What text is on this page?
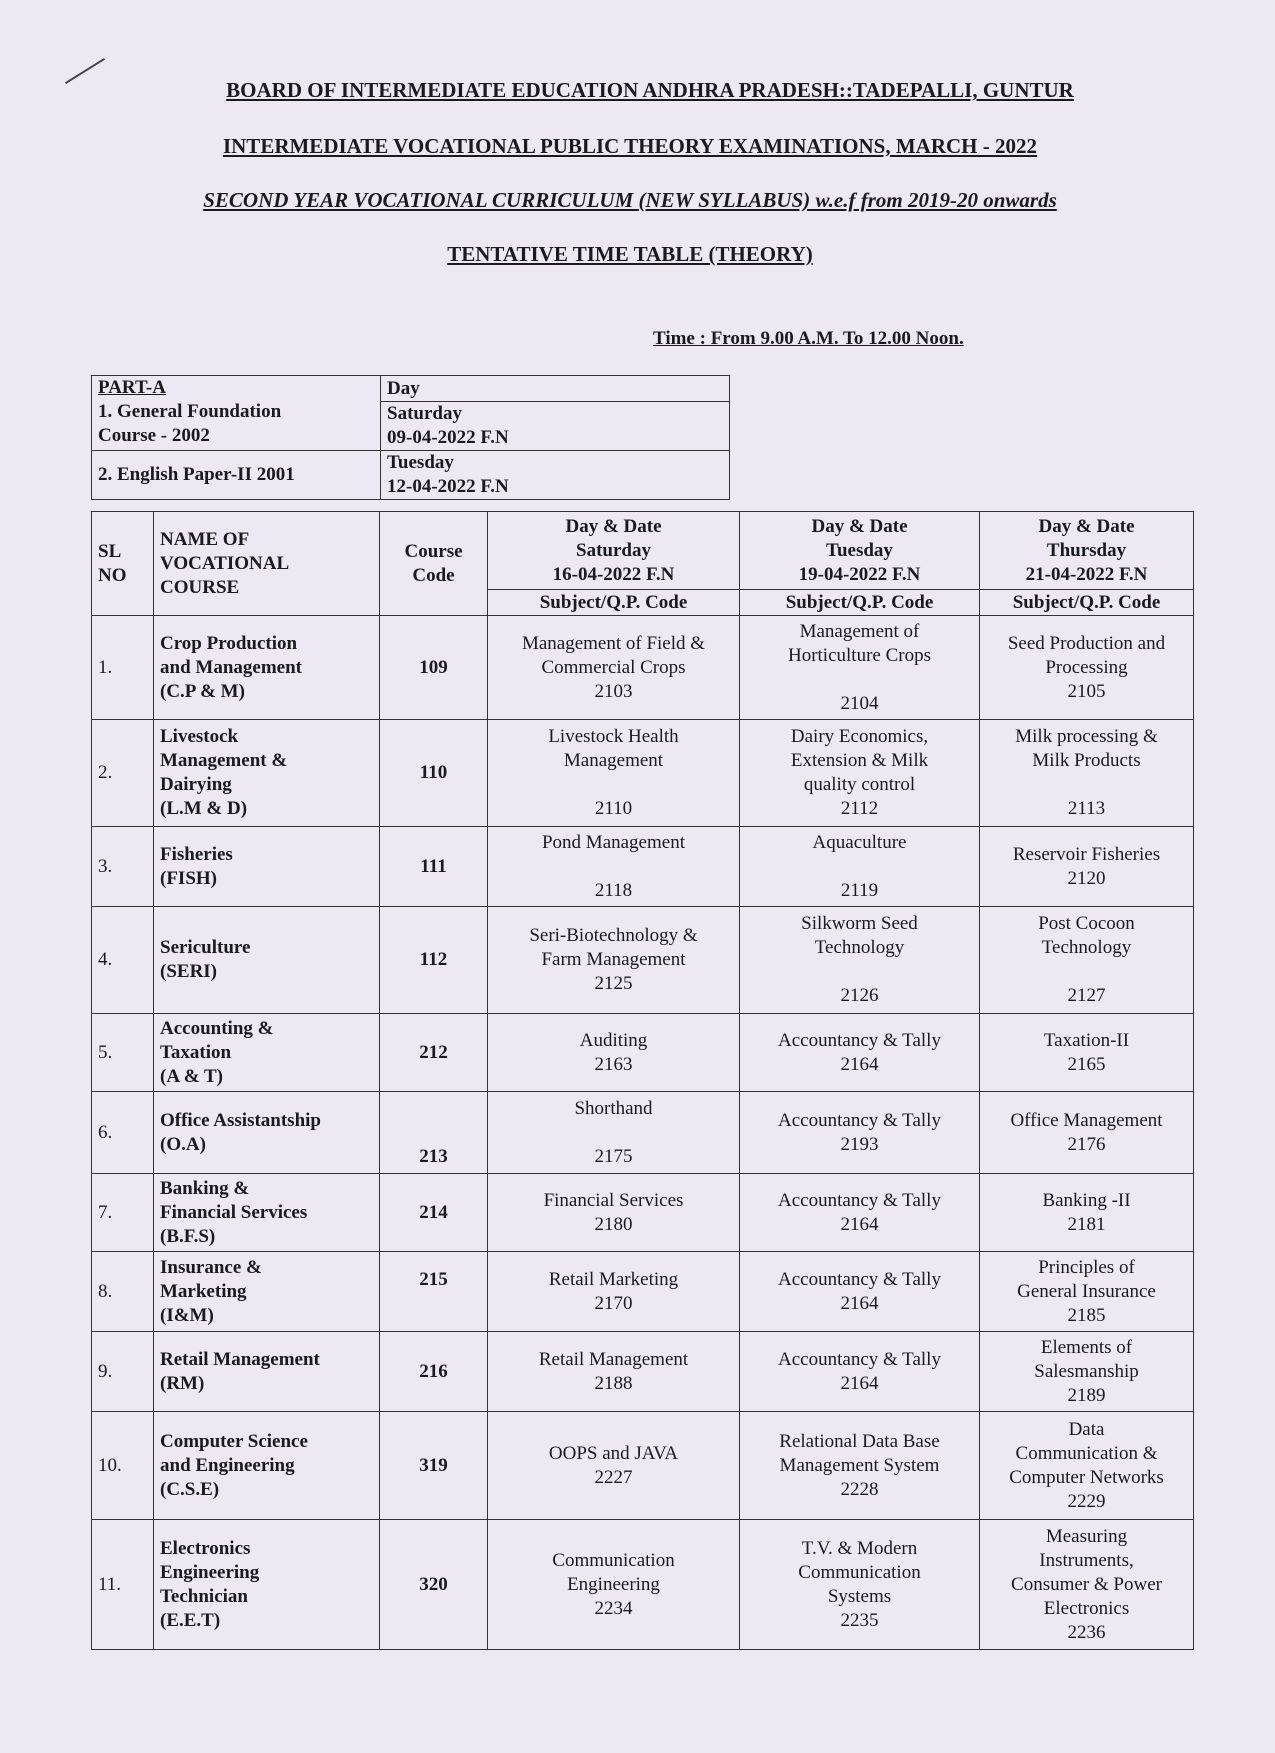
BOARD OF INTERMEDIATE EDUCATION ANDHRA PRADESH::TADEPALLI, GUNTUR
INTERMEDIATE VOCATIONAL PUBLIC THEORY EXAMINATIONS, MARCH - 2022
SECOND YEAR VOCATIONAL CURRICULUM (NEW SYLLABUS) w.e.f from 2019-20 onwards
TENTATIVE TIME TABLE (THEORY)
Time : From 9.00 A.M. To 12.00 Noon.
PART-A
1. General Foundation
Course - 2002	Day
	Saturday
09-04-2022 F.N
2. English Paper-II 2001	Tuesday
12-04-2022 F.N
SL
NO	NAME OF
VOCATIONAL
COURSE	Course
Code	Day & Date
Saturday
16-04-2022 F.N	Day & Date
Tuesday
19-04-2022 F.N	Day & Date
Thursday
21-04-2022 F.N
			Subject/Q.P. Code	Subject/Q.P. Code	Subject/Q.P. Code
1.	Crop Production
and Management
(C.P & M)	109	Management of Field &
Commercial Crops
2103	Management of
Horticulture Crops

2104	Seed Production and
Processing
2105
2.	Livestock
Management &
Dairying
(L.M & D)	110	Livestock Health
Management

2110	Dairy Economics,
Extension & Milk
quality control
2112	Milk processing &
Milk Products

2113
3.	Fisheries
(FISH)	111	Pond Management

2118	Aquaculture

2119	Reservoir Fisheries
2120

4.	Sericulture
(SERI)	112	Seri-Biotechnology &
Farm Management
2125	Silkworm Seed
Technology

2126	Post Cocoon
Technology

2127
5.	Accounting &
Taxation
(A & T)	212	Auditing
2163	Accountancy & Tally
2164	Taxation-II
2165
6.	Office Assistantship
(O.A)	

213	Shorthand

2175	Accountancy & Tally
2193	Office Management
2176
7.	Banking &
Financial Services
(B.F.S)	214	Financial Services
2180	Accountancy & Tally
2164	Banking -II
2181
8.	Insurance &
Marketing
(I&M)	215	Retail Marketing
2170	Accountancy & Tally
2164	Principles of
General Insurance
2185
9.	Retail Management
(RM)	216	Retail Management
2188	Accountancy & Tally
2164	Elements of
Salesmanship
2189
10.	Computer Science
and Engineering
(C.S.E)	319	OOPS and JAVA
2227	Relational Data Base
Management System
2228	Data
Communication &
Computer Networks
2229
11.	Electronics
Engineering
Technician
(E.E.T)	320	Communication
Engineering
2234	T.V. & Modern
Communication
Systems
2235	Measuring
Instruments,
Consumer & Power
Electronics
2236
